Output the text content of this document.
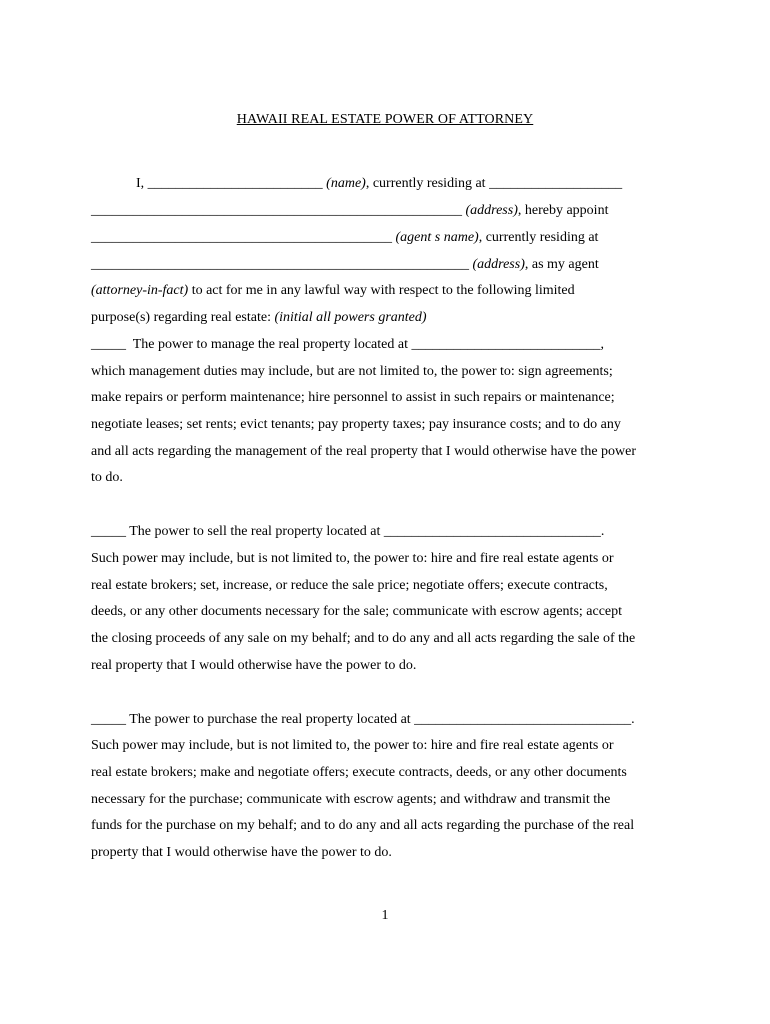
HAWAII REAL ESTATE POWER OF ATTORNEY
I, _________________________ (name), currently residing at ___________________
_____________________________________________________ (address), hereby appoint
___________________________________________ (agent s name), currently residing at
______________________________________________________ (address), as my agent
(attorney-in-fact) to act for me in any lawful way with respect to the following limited
purpose(s) regarding real estate: (initial all powers granted)
_____  The power to manage the real property located at ___________________________,
which management duties may include, but are not limited to, the power to: sign agreements;
make repairs or perform maintenance; hire personnel to assist in such repairs or maintenance;
negotiate leases; set rents; evict tenants; pay property taxes; pay insurance costs; and to do any
and all acts regarding the management of the real property that I would otherwise have the power
to do.
_____ The power to sell the real property located at _______________________________.
Such power may include, but is not limited to, the power to: hire and fire real estate agents or
real estate brokers; set, increase, or reduce the sale price; negotiate offers; execute contracts,
deeds, or any other documents necessary for the sale; communicate with escrow agents; accept
the closing proceeds of any sale on my behalf; and to do any and all acts regarding the sale of the
real property that I would otherwise have the power to do.
_____ The power to purchase the real property located at _______________________________.
Such power may include, but is not limited to, the power to: hire and fire real estate agents or
real estate brokers; make and negotiate offers; execute contracts, deeds, or any other documents
necessary for the purchase; communicate with escrow agents; and withdraw and transmit the
funds for the purchase on my behalf; and to do any and all acts regarding the purchase of the real
property that I would otherwise have the power to do.
1
